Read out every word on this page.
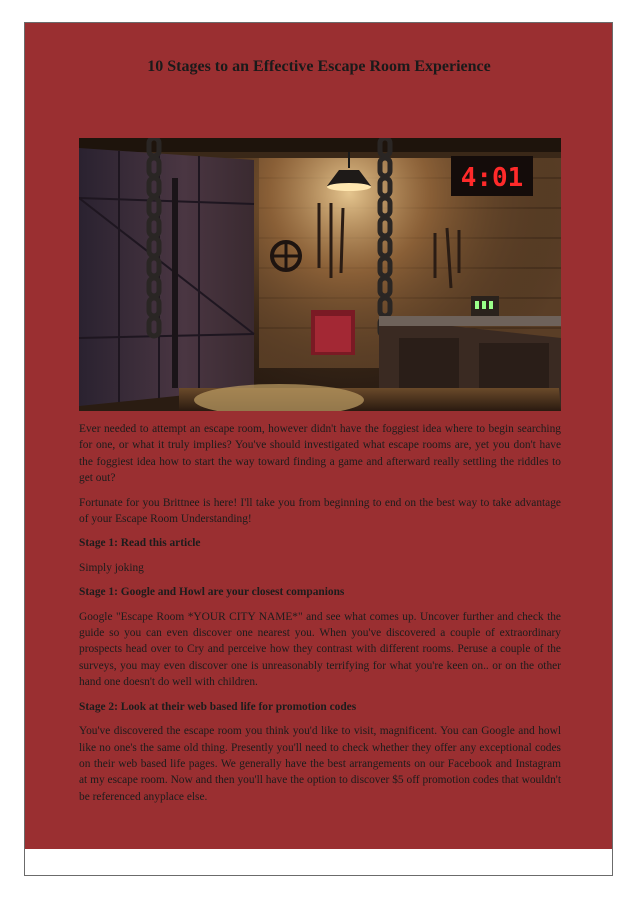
10 Stages to an Effective Escape Room Experience
4:01

Ever needed to attempt an escape room, however didn't have the foggiest idea where to begin searching for one, or what it truly implies? You've should investigated what escape rooms are, yet you don't have the foggiest idea how to start the way toward finding a game and afterward really settling the riddles to get out?

Fortunate for you Brittnee is here! I'll take you from beginning to end on the best way to take advantage of your Escape Room Understanding!

Stage 1: Read this article

Simply joking

Stage 1: Google and Howl are your closest companions

Google "Escape Room *YOUR CITY NAME*" and see what comes up. Uncover further and check the guide so you can even discover one nearest you. When you've discovered a couple of extraordinary prospects head over to Cry and perceive how they contrast with different rooms. Peruse a couple of the surveys, you may even discover one is unreasonably terrifying for what you're keen on.. or on the other hand one doesn't do well with children.

Stage 2: Look at their web based life for promotion codes

You've discovered the escape room you think you'd like to visit, magnificent. You can Google and howl like no one's the same old thing. Presently you'll need to check whether they offer any exceptional codes on their web based life pages. We generally have the best arrangements on our Facebook and Instagram at my escape room. Now and then you'll have the option to discover $5 off promotion codes that wouldn't be referenced anyplace else.
